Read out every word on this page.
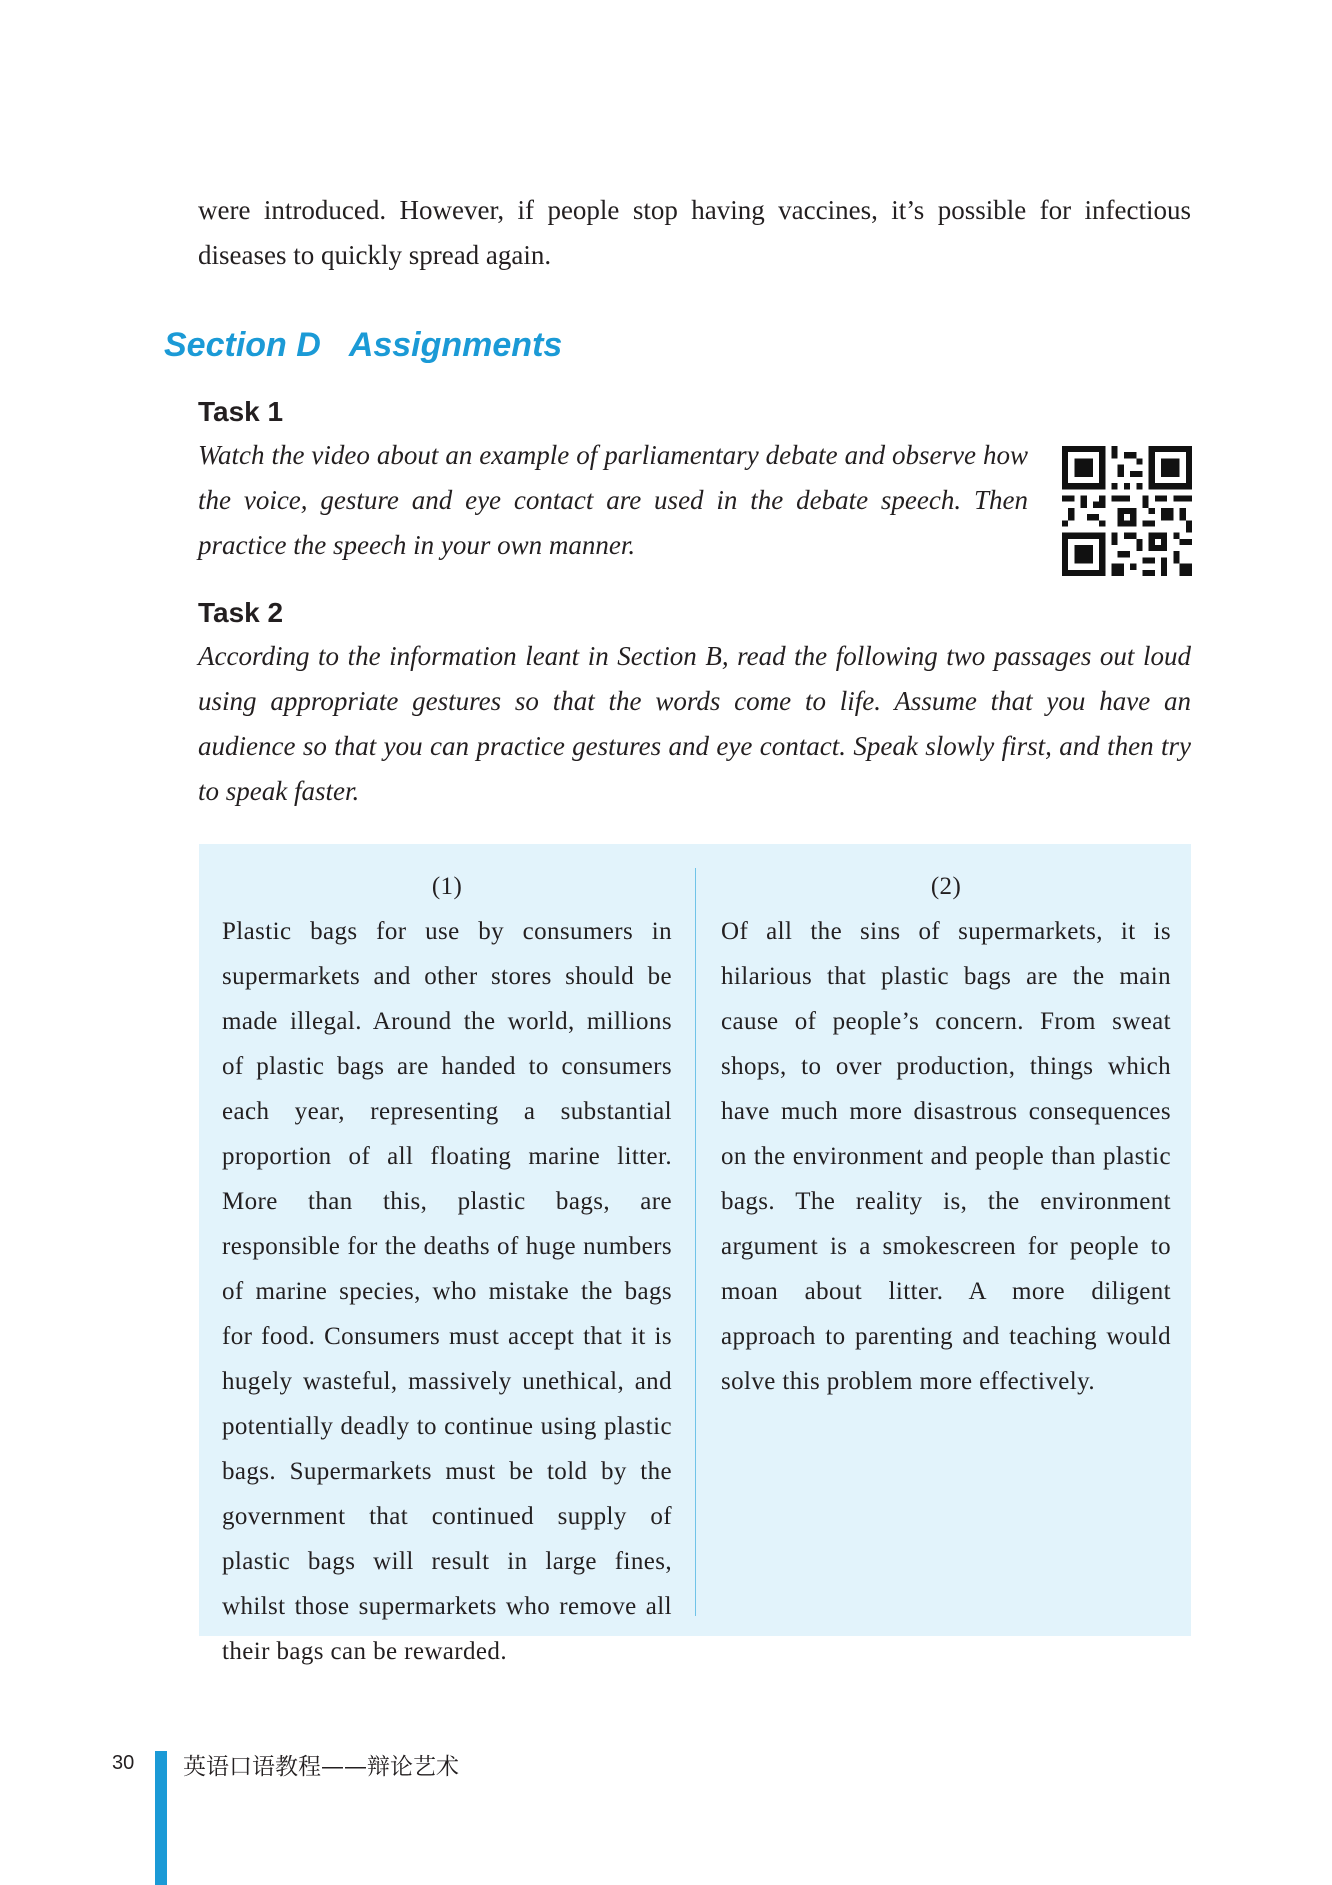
were introduced. However, if people stop having vaccines, it’s possible for infectious diseases to quickly spread again.
Section D Assignments
Task 1
Watch the video about an example of parliamentary debate and observe how the voice, gesture and eye contact are used in the debate speech. Then practice the speech in your own manner.
Task 2
According to the information leant in Section B, read the following two passages out loud using appropriate gestures so that the words come to life. Assume that you have an audience so that you can practice gestures and eye contact. Speak slowly first, and then try to speak faster.
(1)
Plastic bags for use by consumers in supermarkets and other stores should be made illegal. Around the world, millions of plastic bags are handed to consumers each year, representing a substantial proportion of all floating marine litter. More than this, plastic bags, are responsible for the deaths of huge numbers of marine species, who mistake the bags for food. Consumers must accept that it is hugely wasteful, massively unethical, and potentially deadly to continue using plastic bags. Supermarkets must be told by the government that continued supply of plastic bags will result in large fines, whilst those supermarkets who remove all their bags can be rewarded.
(2)
Of all the sins of supermarkets, it is hilarious that plastic bags are the main cause of people’s concern. From sweat shops, to over production, things which have much more disastrous consequences on the environment and people than plastic bags. The reality is, the environment argument is a smokescreen for people to moan about litter. A more diligent approach to parenting and teaching would solve this problem more effectively.
30 英语口语教程——辩论艺术
